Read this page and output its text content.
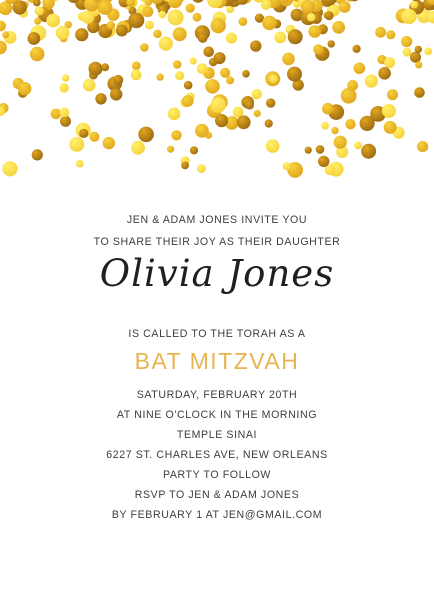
JEN & ADAM JONES INVITE YOU
TO SHARE THEIR JOY AS THEIR DAUGHTER
Olivia Jones
IS CALLED TO THE TORAH AS A
BAT MITZVAH
SATURDAY, FEBRUARY 20TH
AT NINE O'CLOCK IN THE MORNING
TEMPLE SINAI
6227 ST. CHARLES AVE, NEW ORLEANS
PARTY TO FOLLOW
RSVP TO JEN & ADAM JONES
BY FEBRUARY 1 AT JEN@GMAIL.COM
